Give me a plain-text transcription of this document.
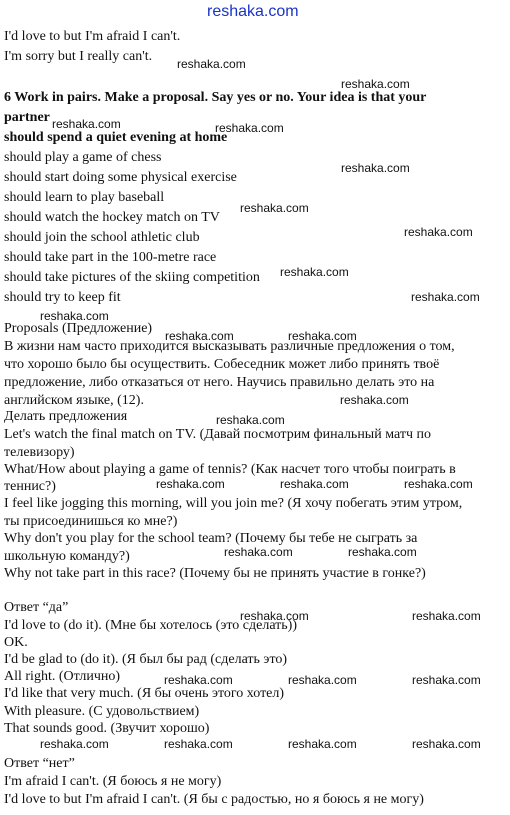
reshaka.com
I'd love to but I'm afraid I can't.
I'm sorry but I really can't.
6 Work in pairs. Make a proposal. Say yes or no. Your idea is that your
partner
should spend a quiet evening at home
should play a game of chess
should start doing some physical exercise
should learn to play baseball
should watch the hockey match on TV
should join the school athletic club
should take part in the 100-metre race
should take pictures of the skiing competition
should try to keep fit
Proposals (Предложение)
В жизни нам часто приходится высказывать различные предложения о том,
что хорошо было бы осуществить. Собеседник может либо принять твоё
предложение, либо отказаться от него. Научись правильно делать это на
английском языке, (12).
Делать предложения
Let's watch the final match on TV. (Давай посмотрим финальный матч по
телевизору)
What/How about playing a game of tennis? (Как насчет того чтобы поиграть в
теннис?)
I feel like jogging this morning, will you join me? (Я хочу побегать этим утром,
ты присоединишься ко мне?)
Why don't you play for the school team? (Почему бы тебе не сыграть за
школьную команду?)
Why not take part in this race? (Почему бы не принять участие в гонке?)
Ответ “да”
I'd love to (do it). (Мне бы хотелось (это сделать))
OK.
I'd be glad to (do it). (Я был бы рад (сделать это)
All right. (Отлично)
I'd like that very much. (Я бы очень этого хотел)
With pleasure. (С удовольствием)
That sounds good. (Звучит хорошо)
Ответ “нет”
I'm afraid I can't. (Я боюсь я не могу)
I'd love to but I'm afraid I can't. (Я бы с радостью, но я боюсь я не могу)
reshaka.com
reshaka.com
reshaka.com	reshaka.com
reshaka.com
reshaka.com
reshaka.com
reshaka.com
reshaka.com
reshaka.com
reshaka.com	reshaka.com
reshaka.com
reshaka.com
reshaka.com	reshaka.com	reshaka.com
reshaka.com	reshaka.com
reshaka.com	reshaka.com
reshaka.com	reshaka.com	reshaka.com
reshaka.com	reshaka.com	reshaka.com	reshaka.com
